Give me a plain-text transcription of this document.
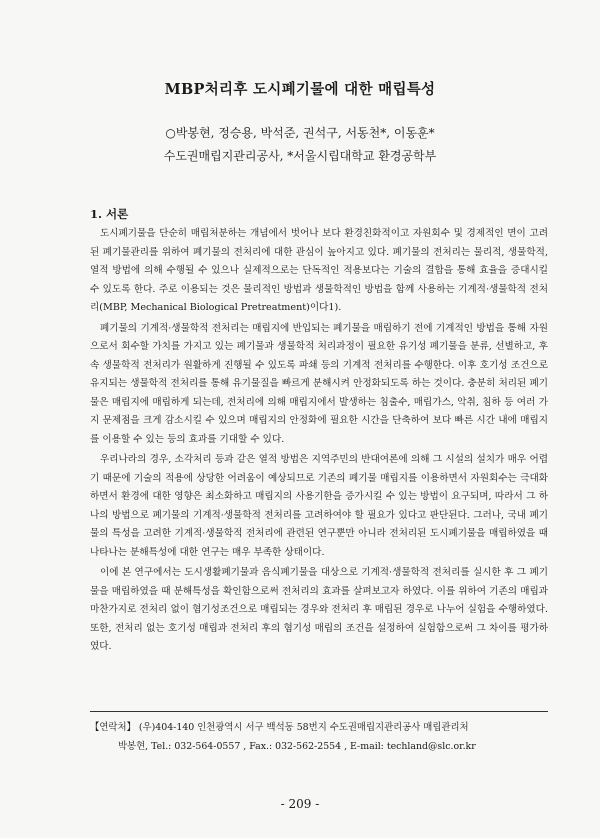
MBP처리후 도시폐기물에 대한 매립특성
○박봉현, 정승용, 박석준, 권석구, 서동천*, 이동훈*
수도권매립지관리공사, *서울시립대학교 환경공학부
1. 서론

도시폐기물을 단순히 매립처분하는 개념에서 벗어나 보다 환경친화적이고 자원회수 및 경제적인 면이 고려된 폐기물관리를 위하여 폐기물의 전처리에 대한 관심이 높아지고 있다. 폐기물의 전처리는 물리적, 생물학적, 열적 방법에 의해 수행될 수 있으나 실제적으로는 단독적인 적용보다는 기술의 결합을 통해 효율을 증대시킬 수 있도록 한다. 주로 이용되는 것은 물리적인 방법과 생물학적인 방법을 함께 사용하는 기계적·생물학적 전처리(MBP, Mechanical Biological Pretreatment)이다1).

폐기물의 기계적·생물학적 전처리는 매립지에 반입되는 폐기물을 매립하기 전에 기계적인 방법을 통해 자원으로서 회수할 가치를 가지고 있는 폐기물과 생물학적 처리과정이 필요한 유기성 폐기물을 분류, 선별하고, 후속 생물학적 전처리가 원활하게 진행될 수 있도록 파쇄 등의 기계적 전처리를 수행한다. 이후 호기성 조건으로 유지되는 생물학적 전처리를 통해 유기물질을 빠르게 분해시켜 안정화되도록 하는 것이다. 충분히 처리된 폐기물은 매립지에 매립하게 되는데, 전처리에 의해 매립지에서 발생하는 침출수, 매립가스, 악취, 침하 등 여러 가지 문제점을 크게 감소시킬 수 있으며 매립지의 안정화에 필요한 시간을 단축하여 보다 빠른 시간 내에 매립지를 이용할 수 있는 등의 효과를 기대할 수 있다.

우리나라의 경우, 소각처리 등과 같은 열적 방법은 지역주민의 반대여론에 의해 그 시설의 설치가 매우 어렵기 때문에 기술의 적용에 상당한 어려움이 예상되므로 기존의 폐기물 매립지를 이용하면서 자원회수는 극대화하면서 환경에 대한 영향은 최소화하고 매립지의 사용기한을 증가시킬 수 있는 방법이 요구되며, 따라서 그 하나의 방법으로 폐기물의 기계적·생물학적 전처리를 고려하여야 할 필요가 있다고 판단된다. 그러나, 국내 폐기물의 특성을 고려한 기계적·생물학적 전처리에 관련된 연구뿐만 아니라 전처리된 도시폐기물을 매립하였을 때 나타나는 분해특성에 대한 연구는 매우 부족한 상태이다.

이에 본 연구에서는 도시생활폐기물과 음식폐기물을 대상으로 기계적·생물학적 전처리를 실시한 후 그 폐기물을 매립하였을 때 분해특성을 확인함으로써 전처리의 효과를 살펴보고자 하였다. 이를 위하여 기존의 매립과 마찬가지로 전처리 없이 혐기성조건으로 매립되는 경우와 전처리 후 매립된 경우로 나누어 실험을 수행하였다. 또한, 전처리 없는 호기성 매립과 전처리 후의 혐기성 매립의 조건을 설정하여 실험함으로써 그 차이를 평가하였다.

【연락처】 (우)404-140 인천광역시 서구 백석동 58번지 수도권매립지관리공사 매립관리처
박봉현, Tel.: 032-564-0557 , Fax.: 032-562-2554 , E-mail: techland@slc.or.kr
- 209 -
